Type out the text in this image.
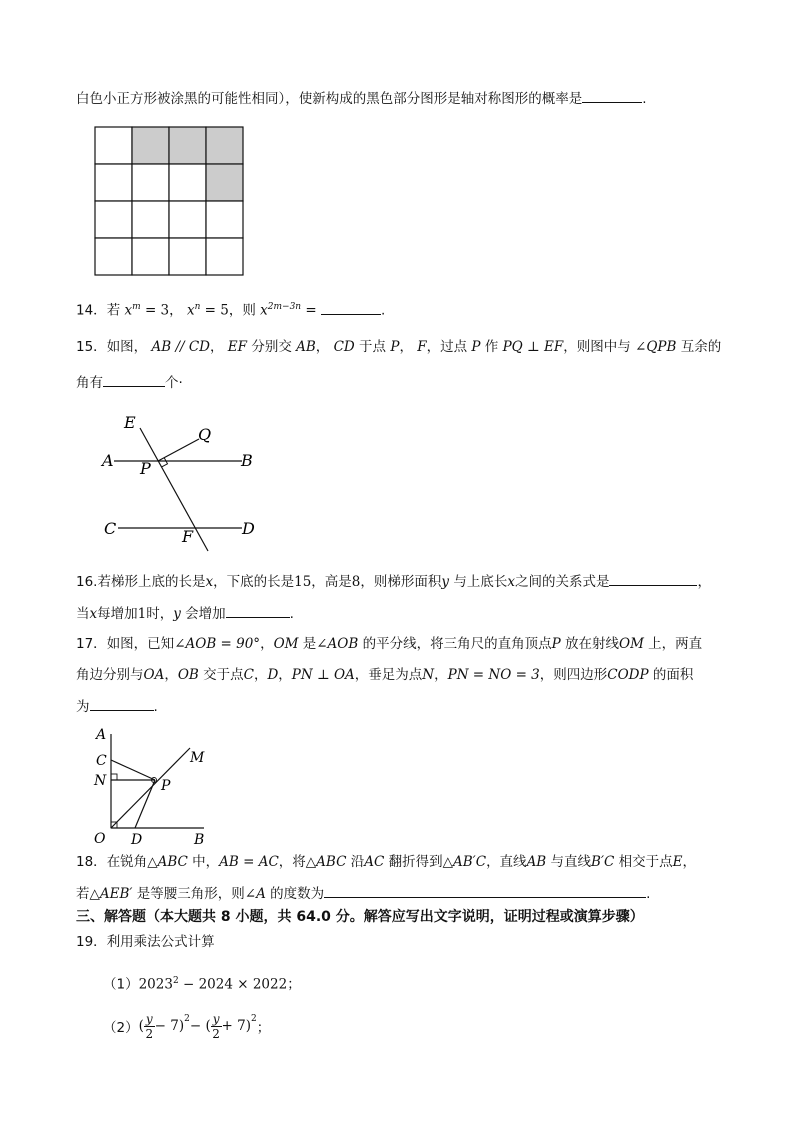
白色小正方形被涂黑的可能性相同），使新构成的黑色部分图形是轴对称图形的概率是	.
14．若 $x^m = 3$， $x^n = 5$，则 $x^{2m-3n}$ =	.
15．如图， AB // CD， EF 分别交 AB， CD 于点 P， F，过点 P 作 PQ ⊥ EF，则图中与 ∠QPB 互余的
角有	个·
E
Q
A	B
P
C	D
F
16.若梯形上底的长是x，下底的长是15，高是8，则梯形面积y 与上底长x之间的关系式是	，
当x每增加1时，y 会增加	.
17．如图，已知∠AOB = 90°，OM 是∠AOB 的平分线，将三角尺的直角顶点P 放在射线OM 上，两直
角边分别与OA，OB 交于点C，D，PN ⊥ OA，垂足为点N，PN = NO = 3，则四边形CODP 的面积
为	.
A
C
N
M
P
O D	B
18．在锐角△ABC 中，AB = AC，将△ABC 沿AC 翻折得到△AB′C，直线AB 与直线B′C 相交于点E，
若△AEB′ 是等腰三角形，则∠A 的度数为	.
三、解答题（本大题共 8 小题，共 64.0 分。解答应写出文字说明，证明过程或演算步骤）
19．利用乘法公式计算
$(1)2023^2 - 2024 \times 2022$；
（2） ( y
2 − 7)$^2$ − ( y
2 + 7)$^2$
；
